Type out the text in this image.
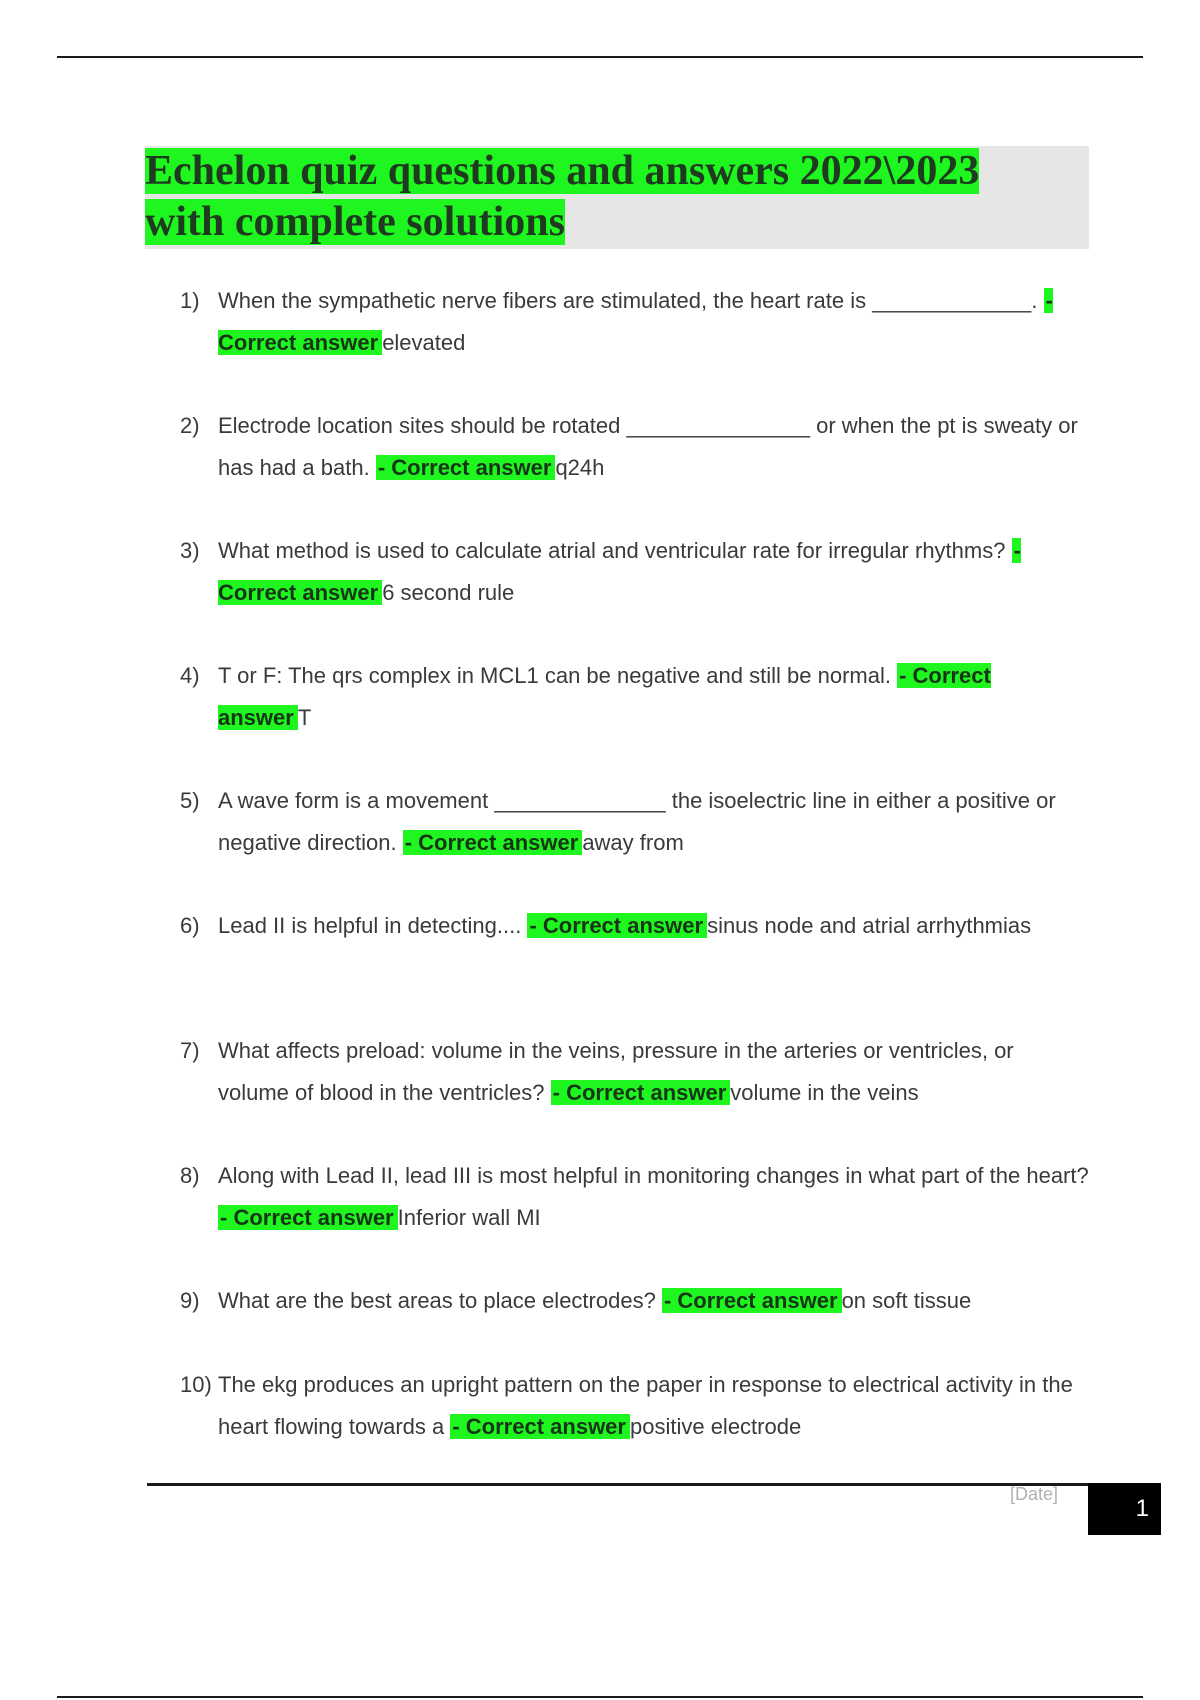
Echelon quiz questions and answers 2022\2023
with complete solutions
1) When the sympathetic nerve fibers are stimulated, the heart rate is _____________. - Correct answer elevated
2) Electrode location sites should be rotated _______________ or when the pt is sweaty or has had a bath. - Correct answer q24h
3) What method is used to calculate atrial and ventricular rate for irregular rhythms? - Correct answer 6 second rule
4) T or F: The qrs complex in MCL1 can be negative and still be normal. - Correct answer T
5) A wave form is a movement ______________ the isoelectric line in either a positive or negative direction. - Correct answer away from
6) Lead II is helpful in detecting.... - Correct answer sinus node and atrial arrhythmias
7) What affects preload: volume in the veins, pressure in the arteries or ventricles, or volume of blood in the ventricles? - Correct answer volume in the veins
8) Along with Lead II, lead III is most helpful in monitoring changes in what part of the heart? - Correct answer Inferior wall MI
9) What are the best areas to place electrodes? - Correct answer on soft tissue
10) The ekg produces an upright pattern on the paper in response to electrical activity in the heart flowing towards a - Correct answer positive electrode
[Date]
1
